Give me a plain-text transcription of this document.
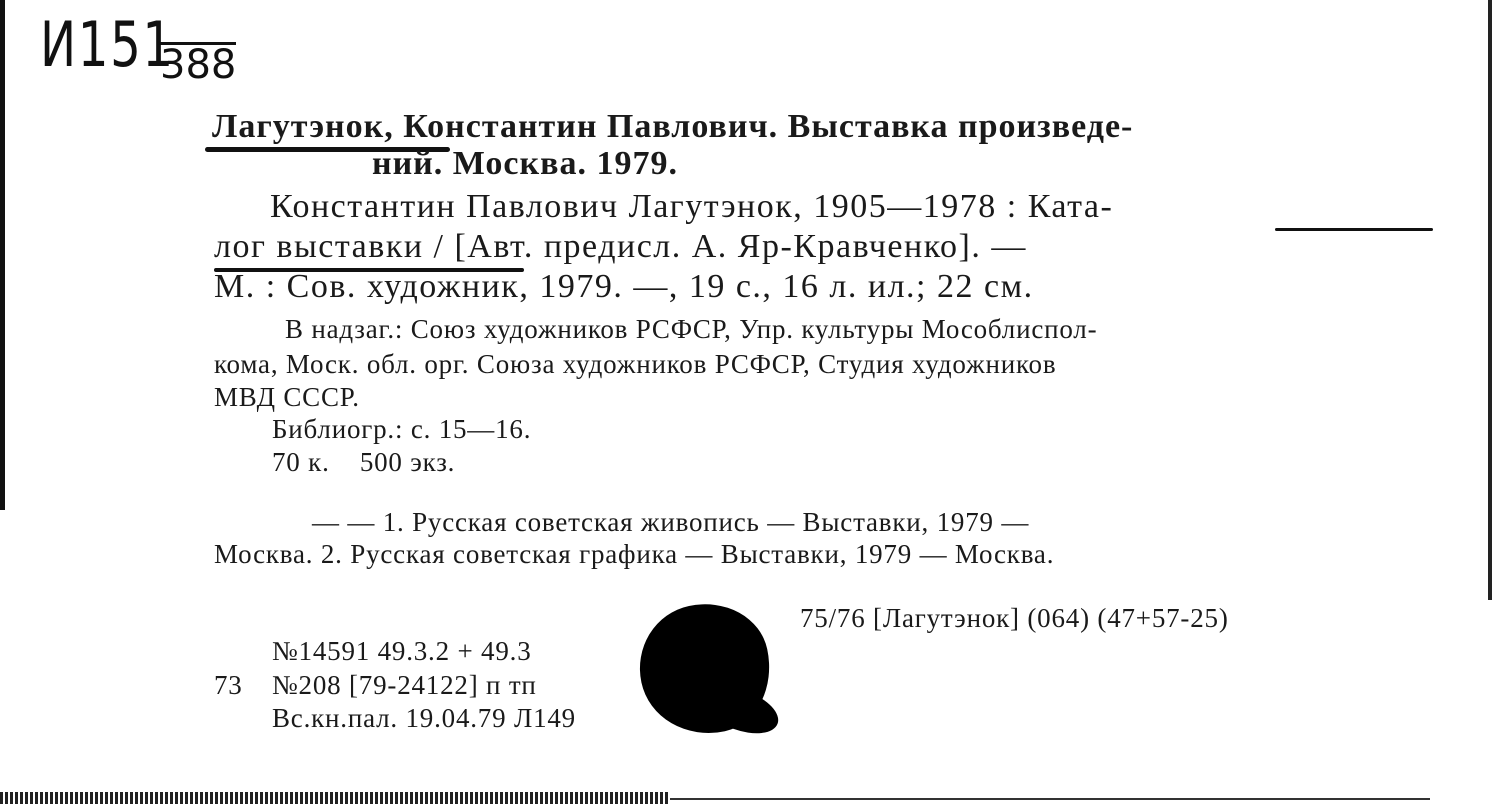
И151
388
Лагутэнок, Константин Павлович. Выставка произведе-
ний. Москва. 1979.
Константин Павлович Лагутэнок, 1905—1978 : Ката-
лог выставки / [Авт. предисл. А. Яр-Кравченко]. —
М. : Сов. художник, 1979. —, 19 с., 16 л. ил.; 22 см.
В надзаг.: Союз художников РСФСР, Упр. культуры Мособлиспол-
кома, Моск. обл. орг. Союза художников РСФСР, Студия художников
МВД СССР.
Библиогр.: с. 15—16.
70 к.    500 экз.
— — 1. Русская советская живопись — Выставки, 1979 —
Москва. 2. Русская советская графика — Выставки, 1979 — Москва.
75/76 [Лагутэнок] (064) (47+57-25)
№14591 49.3.2 + 49.3
73 №208 [79-24122] п тп
Вс.кн.пал. 19.04.79 Л149
